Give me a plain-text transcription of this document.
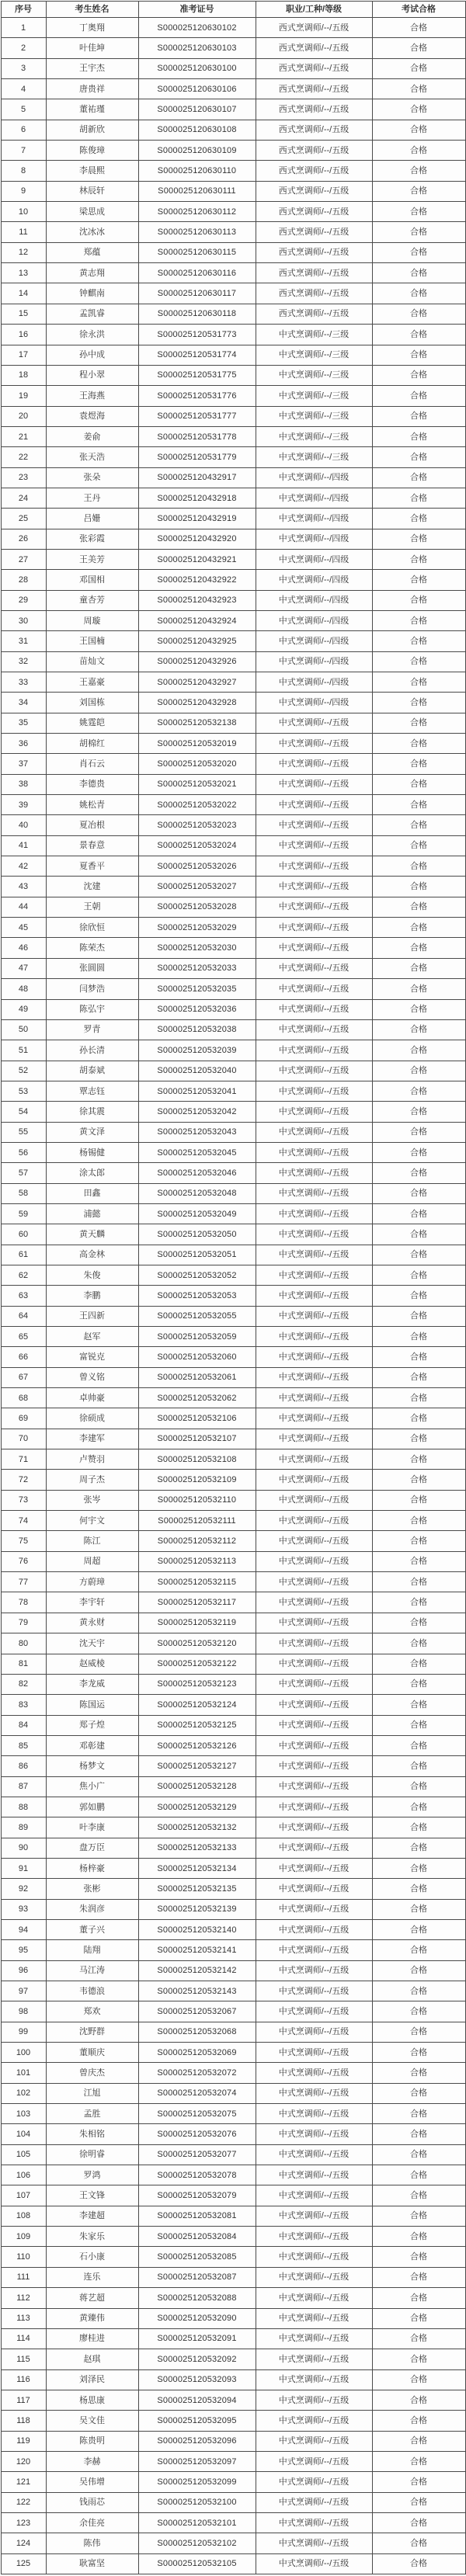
序号	考生姓名	准考证号	职业/工种/等级	考试合格
1	丁奥翔	S000025120630102	西式烹调师/--/五级	合格
2	叶佳坤	S000025120630103	西式烹调师/--/五级	合格
3	王宇杰	S000025120630100	西式烹调师/--/五级	合格
4	唐贵祥	S000025120630106	西式烹调师/--/五级	合格
5	董祐瑾	S000025120630107	西式烹调师/--/五级	合格
6	胡新欣	S000025120630108	西式烹调师/--/五级	合格
7	陈俊璋	S000025120630109	西式烹调师/--/五级	合格
8	李晨熙	S000025120630110	西式烹调师/--/五级	合格
9	林辰轩	S000025120630111	西式烹调师/--/五级	合格
10	梁思成	S000025120630112	西式烹调师/--/五级	合格
11	沈冰冰	S000025120630113	西式烹调师/--/五级	合格
12	郑蕴	S000025120630115	西式烹调师/--/五级	合格
13	黄志翔	S000025120630116	西式烹调师/--/五级	合格
14	钟麒南	S000025120630117	西式烹调师/--/五级	合格
15	孟凯睿	S000025120630118	西式烹调师/--/五级	合格
16	徐永洪	S000025120531773	中式烹调师/--/三级	合格
17	孙中成	S000025120531774	中式烹调师/--/三级	合格
18	程小翠	S000025120531775	中式烹调师/--/三级	合格
19	王海燕	S000025120531776	中式烹调师/--/三级	合格
20	袁煜海	S000025120531777	中式烹调师/--/三级	合格
21	姜俞	S000025120531778	中式烹调师/--/三级	合格
22	张天浩	S000025120531779	中式烹调师/--/三级	合格
23	张朵	S000025120432917	中式烹调师/--/四级	合格
24	王丹	S000025120432918	中式烹调师/--/四级	合格
25	吕姗	S000025120432919	中式烹调师/--/四级	合格
26	张彩霞	S000025120432920	中式烹调师/--/四级	合格
27	王美芳	S000025120432921	中式烹调师/--/四级	合格
28	邓国相	S000025120432922	中式烹调师/--/四级	合格
29	童杏芳	S000025120432923	中式烹调师/--/四级	合格
30	周璇	S000025120432924	中式烹调师/--/四级	合格
31	王国楠	S000025120432925	中式烹调师/--/四级	合格
32	苗灿文	S000025120432926	中式烹调师/--/四级	合格
33	王嘉豪	S000025120432927	中式烹调师/--/四级	合格
34	刘国栋	S000025120432928	中式烹调师/--/四级	合格
35	姚霆皑	S000025120532138	中式烹调师/--/五级	合格
36	胡棉红	S000025120532019	中式烹调师/--/五级	合格
37	肖石云	S000025120532020	中式烹调师/--/五级	合格
38	李德贵	S000025120532021	中式烹调师/--/五级	合格
39	姚松青	S000025120532022	中式烹调师/--/五级	合格
40	夏冶根	S000025120532023	中式烹调师/--/五级	合格
41	景春意	S000025120532024	中式烹调师/--/五级	合格
42	夏香平	S000025120532026	中式烹调师/--/五级	合格
43	沈建	S000025120532027	中式烹调师/--/五级	合格
44	王朝	S000025120532028	中式烹调师/--/五级	合格
45	徐欣恒	S000025120532029	中式烹调师/--/五级	合格
46	陈荣杰	S000025120532030	中式烹调师/--/五级	合格
47	张圆圆	S000025120532033	中式烹调师/--/五级	合格
48	闫梦浩	S000025120532035	中式烹调师/--/五级	合格
49	陈弘宇	S000025120532036	中式烹调师/--/五级	合格
50	罗青	S000025120532038	中式烹调师/--/五级	合格
51	孙长清	S000025120532039	中式烹调师/--/五级	合格
52	胡泰斌	S000025120532040	中式烹调师/--/五级	合格
53	覃志钰	S000025120532041	中式烹调师/--/五级	合格
54	徐其震	S000025120532042	中式烹调师/--/五级	合格
55	黄文泽	S000025120532043	中式烹调师/--/五级	合格
56	杨锡健	S000025120532045	中式烹调师/--/五级	合格
57	涂太郎	S000025120532046	中式烹调师/--/五级	合格
58	田鑫	S000025120532048	中式烹调师/--/五级	合格
59	浦懿	S000025120532049	中式烹调师/--/五级	合格
60	黄天麟	S000025120532050	中式烹调师/--/五级	合格
61	高金林	S000025120532051	中式烹调师/--/五级	合格
62	朱俊	S000025120532052	中式烹调师/--/五级	合格
63	李鹏	S000025120532053	中式烹调师/--/五级	合格
64	王四新	S000025120532055	中式烹调师/--/五级	合格
65	赵军	S000025120532059	中式烹调师/--/五级	合格
66	富锐克	S000025120532060	中式烹调师/--/五级	合格
67	曾义铭	S000025120532061	中式烹调师/--/五级	合格
68	卓帅豪	S000025120532062	中式烹调师/--/五级	合格
69	徐硕成	S000025120532106	中式烹调师/--/五级	合格
70	李建军	S000025120532107	中式烹调师/--/五级	合格
71	卢赞羽	S000025120532108	中式烹调师/--/五级	合格
72	周子杰	S000025120532109	中式烹调师/--/五级	合格
73	张岑	S000025120532110	中式烹调师/--/五级	合格
74	何宇文	S000025120532111	中式烹调师/--/五级	合格
75	陈江	S000025120532112	中式烹调师/--/五级	合格
76	周超	S000025120532113	中式烹调师/--/五级	合格
77	方蔚璋	S000025120532115	中式烹调师/--/五级	合格
78	李宇轩	S000025120532117	中式烹调师/--/五级	合格
79	黄永财	S000025120532119	中式烹调师/--/五级	合格
80	沈天宇	S000025120532120	中式烹调师/--/五级	合格
81	赵威棱	S000025120532122	中式烹调师/--/五级	合格
82	李龙威	S000025120532123	中式烹调师/--/五级	合格
83	陈国运	S000025120532124	中式烹调师/--/五级	合格
84	郑子煌	S000025120532125	中式烹调师/--/五级	合格
85	邓彰建	S000025120532126	中式烹调师/--/五级	合格
86	杨梦文	S000025120532127	中式烹调师/--/五级	合格
87	焦小广	S000025120532128	中式烹调师/--/五级	合格
88	郭如鹏	S000025120532129	中式烹调师/--/五级	合格
89	叶李康	S000025120532132	中式烹调师/--/五级	合格
90	盘万臣	S000025120532133	中式烹调师/--/五级	合格
91	杨梓豪	S000025120532134	中式烹调师/--/五级	合格
92	张彬	S000025120532135	中式烹调师/--/五级	合格
93	朱润彦	S000025120532139	中式烹调师/--/五级	合格
94	董子兴	S000025120532140	中式烹调师/--/五级	合格
95	陆翔	S000025120532141	中式烹调师/--/五级	合格
96	马江涛	S000025120532142	中式烹调师/--/五级	合格
97	韦德浪	S000025120532143	中式烹调师/--/五级	合格
98	郑欢	S000025120532067	中式烹调师/--/五级	合格
99	沈野群	S000025120532068	中式烹调师/--/五级	合格
100	董顺庆	S000025120532069	中式烹调师/--/五级	合格
101	曾庆杰	S000025120532072	中式烹调师/--/五级	合格
102	江旭	S000025120532074	中式烹调师/--/五级	合格
103	孟胜	S000025120532075	中式烹调师/--/五级	合格
104	朱相铭	S000025120532076	中式烹调师/--/五级	合格
105	徐明睿	S000025120532077	中式烹调师/--/五级	合格
106	罗鸿	S000025120532078	中式烹调师/--/五级	合格
107	王文锋	S000025120532079	中式烹调师/--/五级	合格
108	李建超	S000025120532081	中式烹调师/--/五级	合格
109	朱家乐	S000025120532084	中式烹调师/--/五级	合格
110	石小康	S000025120532085	中式烹调师/--/五级	合格
111	连乐	S000025120532087	中式烹调师/--/五级	合格
112	蒋艺超	S000025120532088	中式烹调师/--/五级	合格
113	黄臻伟	S000025120532090	中式烹调师/--/五级	合格
114	廖桂进	S000025120532091	中式烹调师/--/五级	合格
115	赵琪	S000025120532092	中式烹调师/--/五级	合格
116	刘泽民	S000025120532093	中式烹调师/--/五级	合格
117	杨思康	S000025120532094	中式烹调师/--/五级	合格
118	吴文佳	S000025120532095	中式烹调师/--/五级	合格
119	陈贵明	S000025120532096	中式烹调师/--/五级	合格
120	李赫	S000025120532097	中式烹调师/--/五级	合格
121	吴伟增	S000025120532099	中式烹调师/--/五级	合格
122	钱雨芯	S000025120532100	中式烹调师/--/五级	合格
123	余佳亮	S000025120532101	中式烹调师/--/五级	合格
124	陈伟	S000025120532102	中式烹调师/--/五级	合格
125	耿富坚	S000025120532105	中式烹调师/--/五级	合格
